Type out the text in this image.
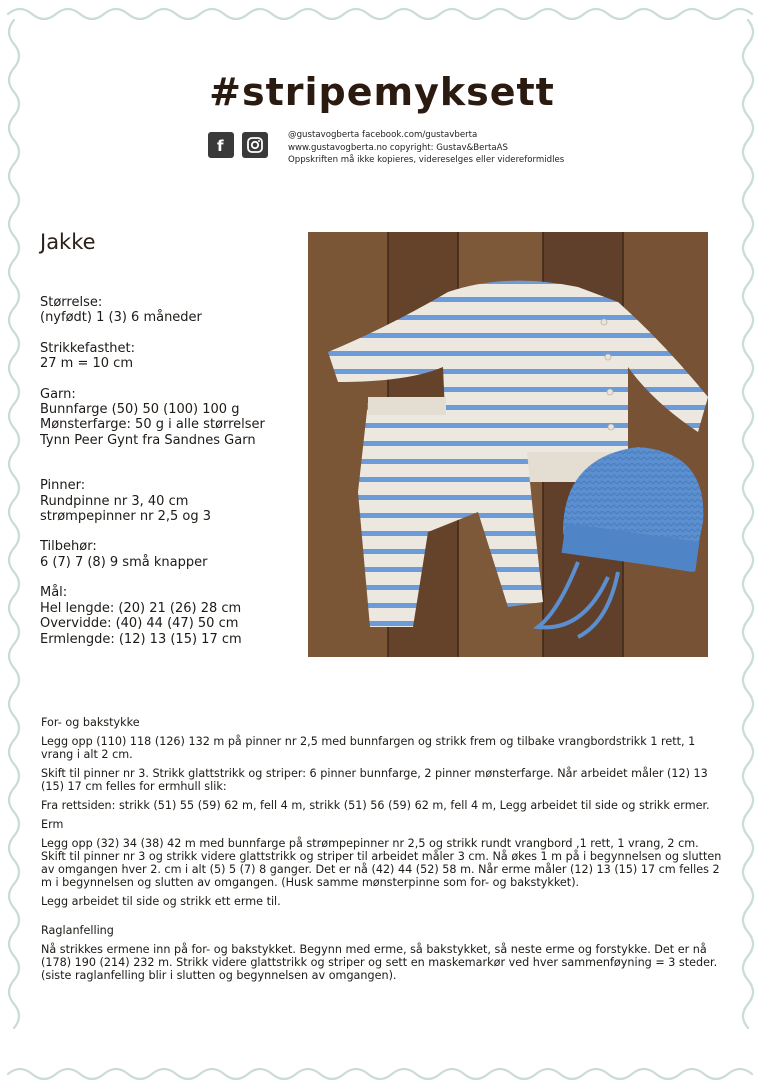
#stripemyksett
f
@gustavogberta facebook.com/gustavberta
www.gustavogberta.no copyright: Gustav&BertaAS
Oppskriften må ikke kopieres, videreselges eller videreformidles
Jakke
Størrelse:
(nyfødt) 1 (3) 6 måneder
Strikkefasthet:
27 m = 10 cm
Garn:
Bunnfarge (50) 50 (100) 100 g
Mønsterfarge: 50 g i alle størrelser
Tynn Peer Gynt fra Sandnes Garn
Pinner:
Rundpinne nr 3, 40 cm
strømpepinner nr 2,5 og 3
Tilbehør:
6 (7) 7 (8) 9 små knapper
Mål:
Hel lengde: (20) 21 (26) 28 cm
Overvidde: (40) 44 (47) 50 cm
Ermlengde: (12) 13 (15) 17 cm

For- og bakstykke

Legg opp (110) 118 (126) 132 m på pinner nr 2,5 med bunnfargen og strikk frem og tilbake vrangbordstrikk 1 rett, 1 vrang i alt 2 cm.

Skift til pinner nr 3. Strikk glattstrikk og striper: 6 pinner bunnfarge, 2 pinner mønsterfarge. Når arbeidet måler (12) 13 (15) 17 cm felles for ermhull slik:

Fra rettsiden: strikk (51) 55 (59) 62 m, fell 4 m, strikk (51) 56 (59) 62 m, fell 4 m, Legg arbeidet til side og strikk ermer.

Erm

Legg opp (32) 34 (38) 42 m med bunnfarge på strømpepinner nr 2,5 og strikk rundt vrangbord ,1 rett, 1 vrang, 2 cm. Skift til pinner nr 3 og strikk videre glattstrikk og striper til arbeidet måler 3 cm. Nå økes 1 m på i begynnelsen og slutten av omgangen hver 2. cm i alt (5) 5 (7) 8 ganger. Det er nå (42) 44 (52) 58 m. Når erme måler (12) 13 (15) 17 cm felles 2 m i begynnelsen og slutten av omgangen. (Husk samme mønsterpinne som for- og bakstykket).

Legg arbeidet til side og strikk ett erme til.

Raglanfelling

Nå strikkes ermene inn på for- og bakstykket. Begynn med erme, så bakstykket, så neste erme og forstykke. Det er nå (178) 190 (214) 232 m. Strikk videre glattstrikk og striper og sett en maskemarkør ved hver sammenføyning = 3 steder. (siste raglanfelling blir i slutten og begynnelsen av omgangen).
